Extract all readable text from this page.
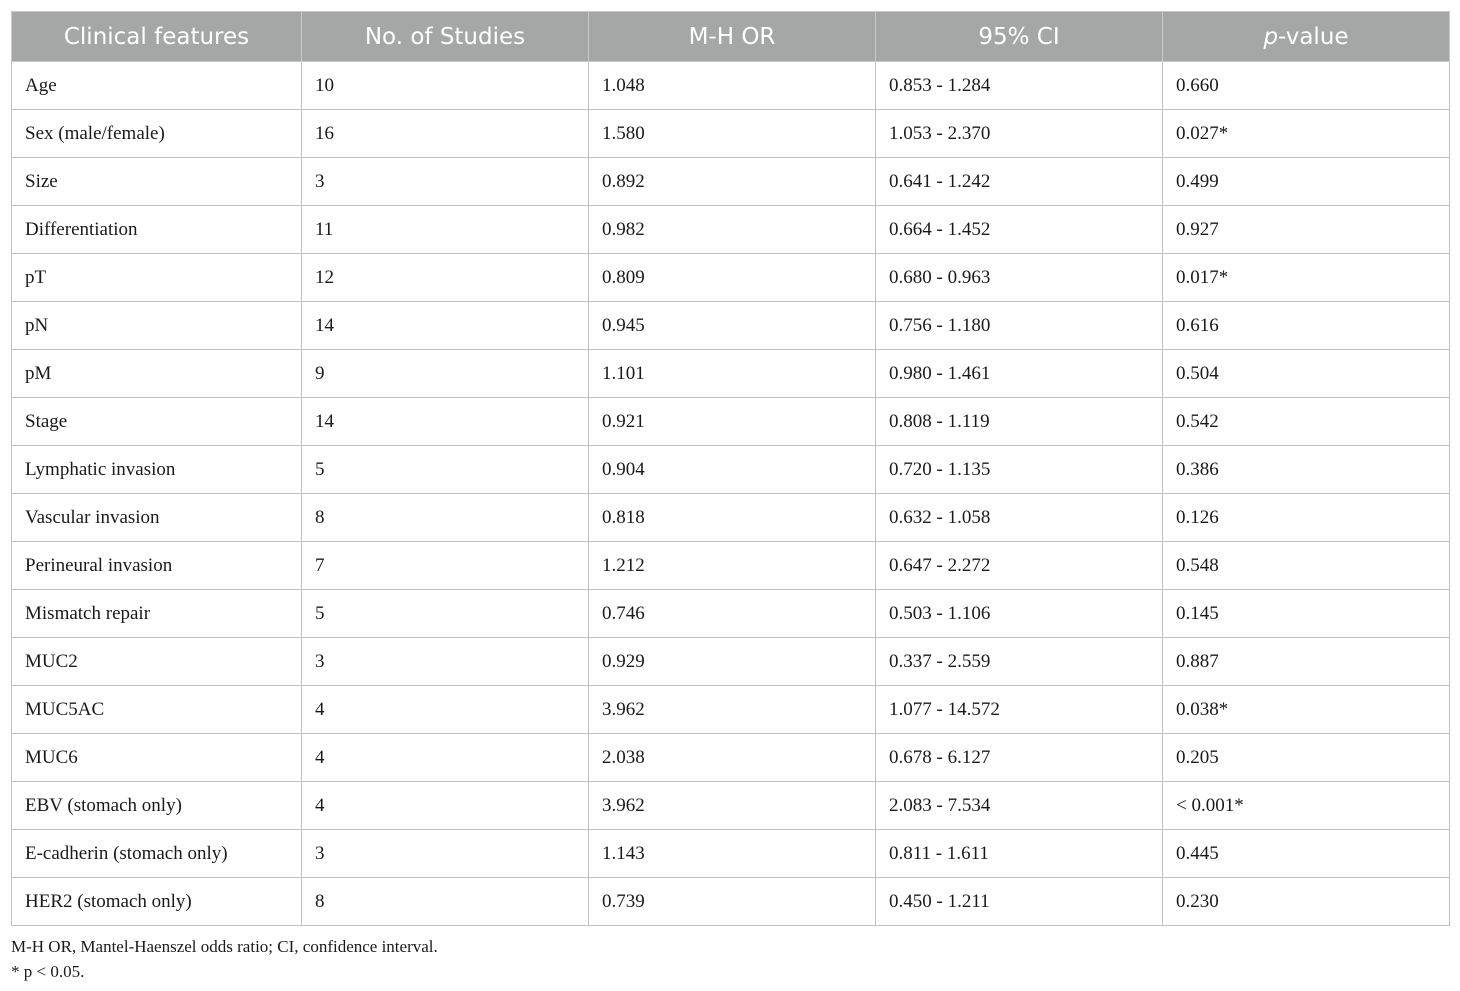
Clinical features	No. of Studies	M-H OR	95% CI	p-value
Age	10	1.048	0.853 - 1.284	0.660
Sex (male/female)	16	1.580	1.053 - 2.370	0.027*
Size	3	0.892	0.641 - 1.242	0.499
Differentiation	11	0.982	0.664 - 1.452	0.927
pT	12	0.809	0.680 - 0.963	0.017*
pN	14	0.945	0.756 - 1.180	0.616
pM	9	1.101	0.980 - 1.461	0.504
Stage	14	0.921	0.808 - 1.119	0.542
Lymphatic invasion	5	0.904	0.720 - 1.135	0.386
Vascular invasion	8	0.818	0.632 - 1.058	0.126
Perineural invasion	7	1.212	0.647 - 2.272	0.548
Mismatch repair	5	0.746	0.503 - 1.106	0.145
MUC2	3	0.929	0.337 - 2.559	0.887
MUC5AC	4	3.962	1.077 - 14.572	0.038*
MUC6	4	2.038	0.678 - 6.127	0.205
EBV (stomach only)	4	3.962	2.083 - 7.534	< 0.001*
E-cadherin (stomach only)	3	1.143	0.811 - 1.611	0.445
HER2 (stomach only)	8	0.739	0.450 - 1.211	0.230
M-H OR, Mantel-Haenszel odds ratio; CI, confidence interval.
* p < 0.05.
